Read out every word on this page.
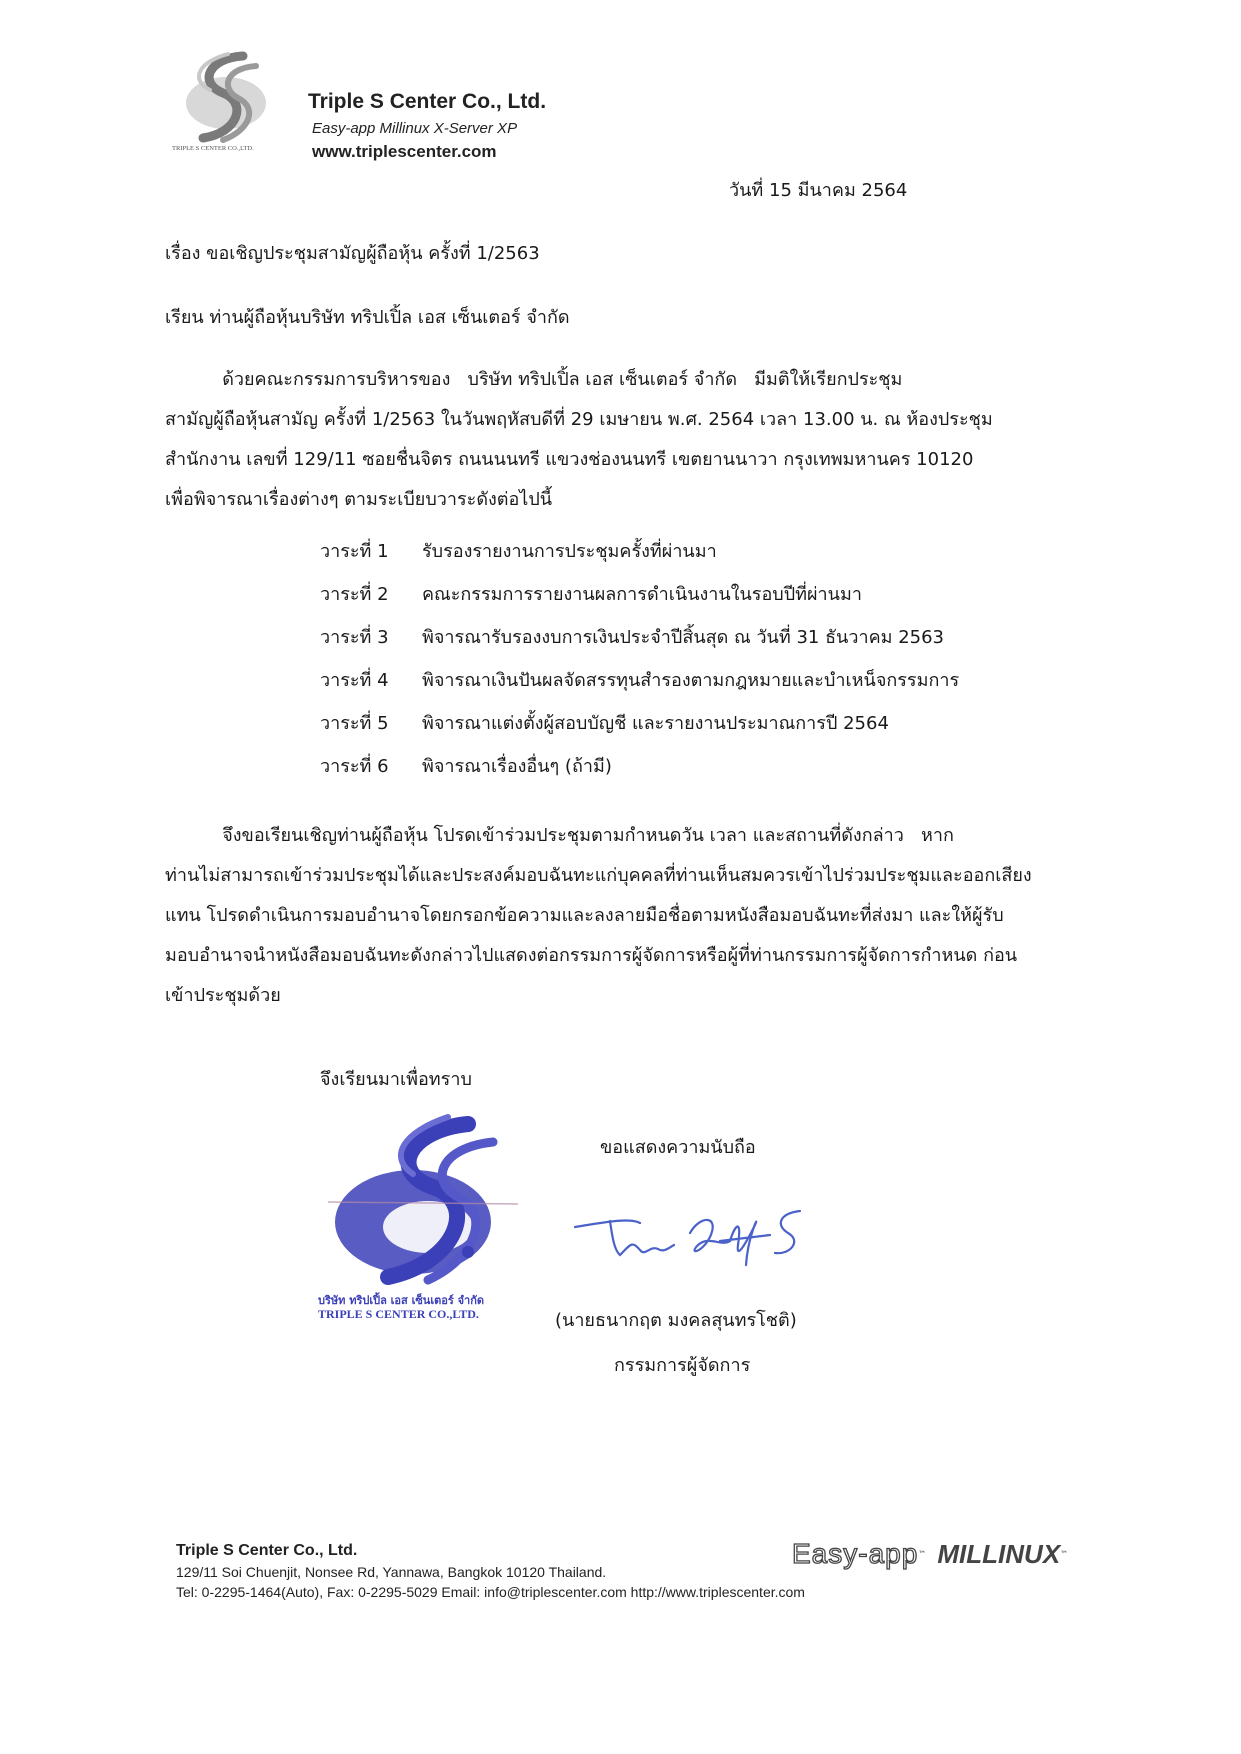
TRIPLE S CENTER CO.,LTD.
Triple S Center Co., Ltd.
Easy-app Millinux X-Server XP
www.triplescenter.com
วันที่ 15 มีนาคม 2564
เรื่อง ขอเชิญประชุมสามัญผู้ถือหุ้น ครั้งที่ 1/2563
เรียน ท่านผู้ถือหุ้นบริษัท ทริปเปิ้ล เอส เซ็นเตอร์ จำกัด
ด้วยคณะกรรมการบริหารของ   บริษัท ทริปเปิ้ล เอส เซ็นเตอร์ จำกัด   มีมติให้เรียกประชุม
สามัญผู้ถือหุ้นสามัญ ครั้งที่ 1/2563 ในวันพฤหัสบดีที่ 29 เมษายน พ.ศ. 2564 เวลา 13.00 น. ณ ห้องประชุม
สำนักงาน เลขที่ 129/11 ซอยชื่นจิตร ถนนนนทรี แขวงช่องนนทรี เขตยานนาวา กรุงเทพมหานคร 10120
เพื่อพิจารณาเรื่องต่างๆ ตามระเบียบวาระดังต่อไปนี้
วาระที่ 1 รับรองรายงานการประชุมครั้งที่ผ่านมา
วาระที่ 2 คณะกรรมการรายงานผลการดำเนินงานในรอบปีที่ผ่านมา
วาระที่ 3 พิจารณารับรองงบการเงินประจำปีสิ้นสุด ณ วันที่ 31 ธันวาคม 2563
วาระที่ 4 พิจารณาเงินปันผลจัดสรรทุนสำรองตามกฎหมายและบำเหน็จกรรมการ
วาระที่ 5 พิจารณาแต่งตั้งผู้สอบบัญชี และรายงานประมาณการปี 2564
วาระที่ 6 พิจารณาเรื่องอื่นๆ (ถ้ามี)
จึงขอเรียนเชิญท่านผู้ถือหุ้น โปรดเข้าร่วมประชุมตามกำหนดวัน เวลา และสถานที่ดังกล่าว   หาก
ท่านไม่สามารถเข้าร่วมประชุมได้และประสงค์มอบฉันทะแก่บุคคลที่ท่านเห็นสมควรเข้าไปร่วมประชุมและออกเสียง
แทน โปรดดำเนินการมอบอำนาจโดยกรอกข้อความและลงลายมือชื่อตามหนังสือมอบฉันทะที่ส่งมา และให้ผู้รับ
มอบอำนาจนำหนังสือมอบฉันทะดังกล่าวไปแสดงต่อกรรมการผู้จัดการหรือผู้ที่ท่านกรรมการผู้จัดการกำหนด ก่อน
เข้าประชุมด้วย
จึงเรียนมาเพื่อทราบ
ขอแสดงความนับถือ
บริษัท ทริปเปิ้ล เอส เซ็นเตอร์ จำกัด
TRIPLE S CENTER CO.,LTD.	(นายธนากฤต มงคลสุนทรโชติ)
กรรมการผู้จัดการ
Triple S Center Co., Ltd.
129/11 Soi Chuenjit, Nonsee Rd, Yannawa, Bangkok 10120 Thailand.
Tel: 0-2295-1464(Auto), Fax: 0-2295-5029 Email: info@triplescenter.com http://www.triplescenter.com
Easy-app™ MILLINUX™
